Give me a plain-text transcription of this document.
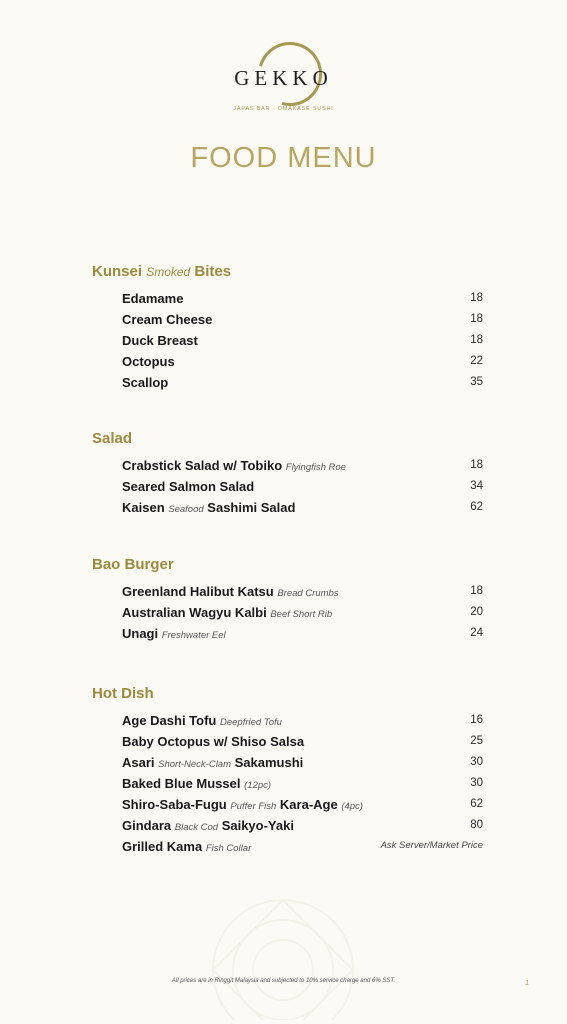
GEKKO
JAPAS BAR · OMAKASE SUSHI
FOOD MENU
Kunsei Smoked Bites
Edamame	18
Cream Cheese	18
Duck Breast	18
Octopus	22
Scallop	35
Salad
Crabstick Salad w/ Tobiko Flyingfish Roe	18
Seared Salmon Salad	34
Kaisen Seafood Sashimi Salad	62
Bao Burger
Greenland Halibut Katsu Bread Crumbs	18
Australian Wagyu Kalbi Beef Short Rib	20
Unagi Freshwater Eel	24
Hot Dish
Age Dashi Tofu Deepfried Tofu	16
Baby Octopus w/ Shiso Salsa	25
Asari Short-Neck-Clam Sakamushi	30
Baked Blue Mussel (12pc)	30
Shiro-Saba-Fugu Puffer Fish Kara-Age (4pc)	62
Gindara Black Cod Saikyo-Yaki	80
Grilled Kama Fish Collar	Ask Server/Market Price
All prices are in Ringgit Malaysia and subjected to 10% service charge and 6% SST.	1
